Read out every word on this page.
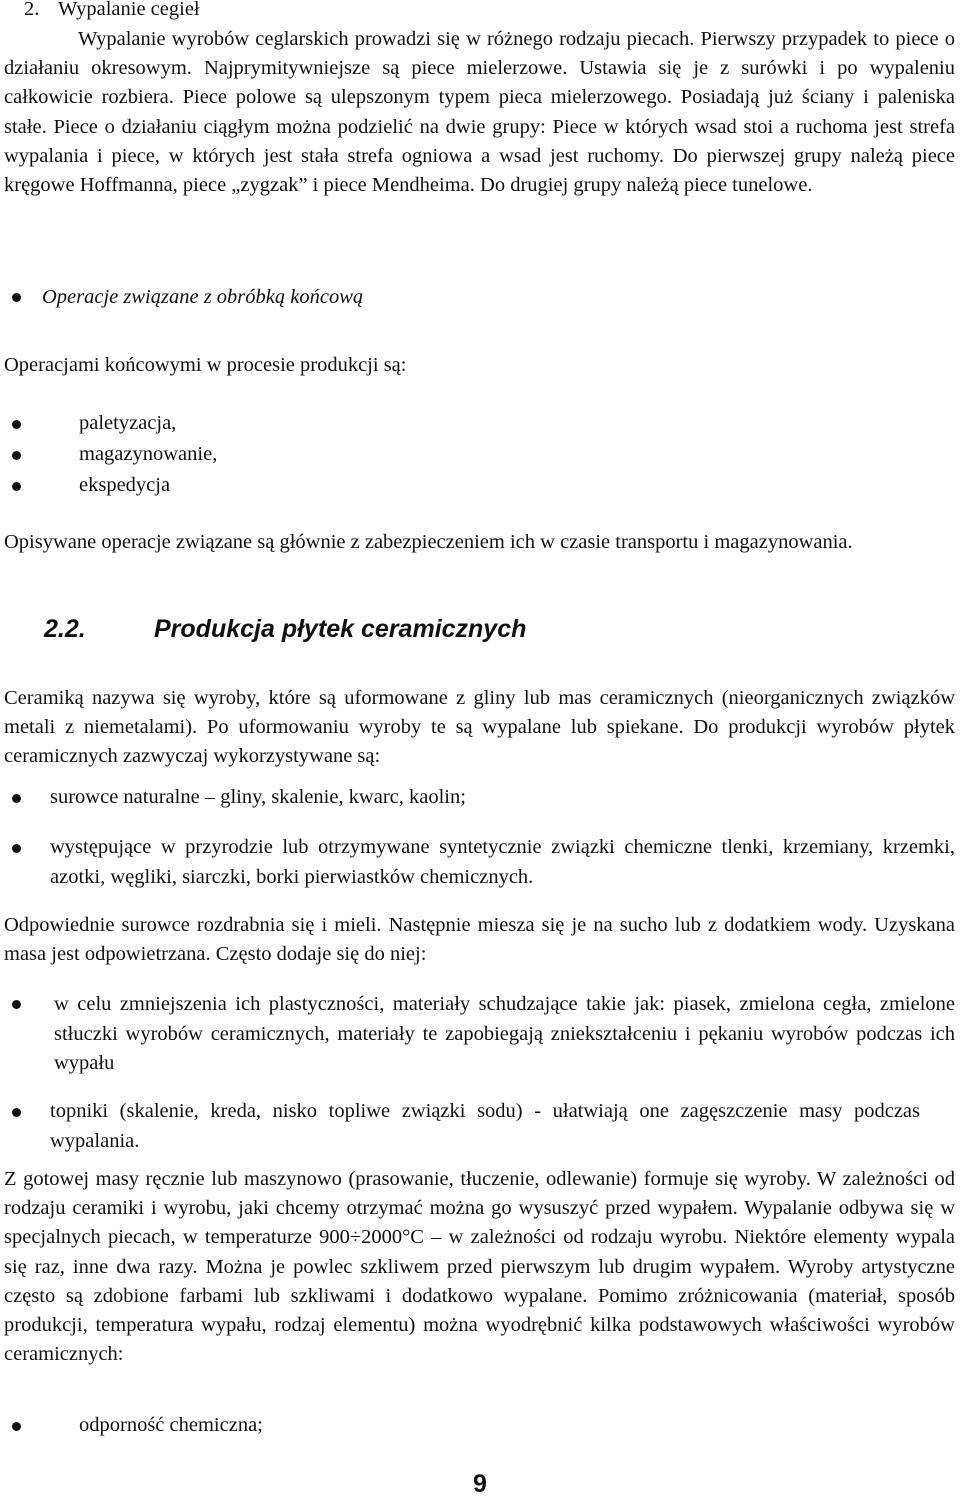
2. Wypalanie cegieł

Wypalanie wyrobów ceglarskich prowadzi się w różnego rodzaju piecach. Pierwszy przypadek to piece o działaniu okresowym. Najprymitywniejsze są piece mielerzowe. Ustawia się je z surówki i po wypaleniu całkowicie rozbiera. Piece polowe są ulepszonym typem pieca mielerzowego. Posiadają już ściany i paleniska stałe. Piece o działaniu ciągłym można podzielić na dwie grupy: Piece w których wsad stoi a ruchoma jest strefa wypalania i piece, w których jest stała strefa ogniowa a wsad jest ruchomy. Do pierwszej grupy należą piece kręgowe Hoffmanna, piece „zygzak” i piece Mendheima. Do drugiej grupy należą piece tunelowe.

Operacje związane z obróbką końcową

Operacjami końcowymi w procesie produkcji są:

paletyzacja,

magazynowanie,

ekspedycja

Opisywane operacje związane są głównie z zabezpieczeniem ich w czasie transportu i magazynowania.

2.2.	Produkcja płytek ceramicznych

Ceramiką nazywa się wyroby, które są uformowane z gliny lub mas ceramicznych (nieorganicznych związków metali z niemetalami). Po uformowaniu wyroby te są wypalane lub spiekane. Do produkcji wyrobów płytek ceramicznych zazwyczaj wykorzystywane są:

surowce naturalne – gliny, skalenie, kwarc, kaolin;

występujące w przyrodzie lub otrzymywane syntetycznie związki chemiczne tlenki, krzemiany, krzemki, azotki, węgliki, siarczki, borki pierwiastków chemicznych.

Odpowiednie surowce rozdrabnia się i mieli. Następnie miesza się je na sucho lub z dodatkiem wody. Uzyskana masa jest odpowietrzana. Często dodaje się do niej:

w celu zmniejszenia ich plastyczności, materiały schudzające takie jak: piasek, zmielona cegła, zmielone stłuczki wyrobów ceramicznych, materiały te zapobiegają zniekształceniu i pękaniu wyrobów podczas ich wypału

topniki (skalenie, kreda, nisko topliwe związki sodu) - ułatwiają one zagęszczenie masy podczas wypalania.

Z gotowej masy ręcznie lub maszynowo (prasowanie, tłuczenie, odlewanie) formuje się wyroby. W zależności od rodzaju ceramiki i wyrobu, jaki chcemy otrzymać można go wysuszyć przed wypałem. Wypalanie odbywa się w specjalnych piecach, w temperaturze 900÷2000°C – w zależności od rodzaju wyrobu. Niektóre elementy wypala się raz, inne dwa razy. Można je powlec szkliwem przed pierwszym lub drugim wypałem. Wyroby artystyczne często są zdobione farbami lub szkliwami i dodatkowo wypalane. Pomimo zróżnicowania (materiał, sposób produkcji, temperatura wypału, rodzaj elementu) można wyodrębnić kilka podstawowych właściwości wyrobów ceramicznych:

odporność chemiczna;

9
